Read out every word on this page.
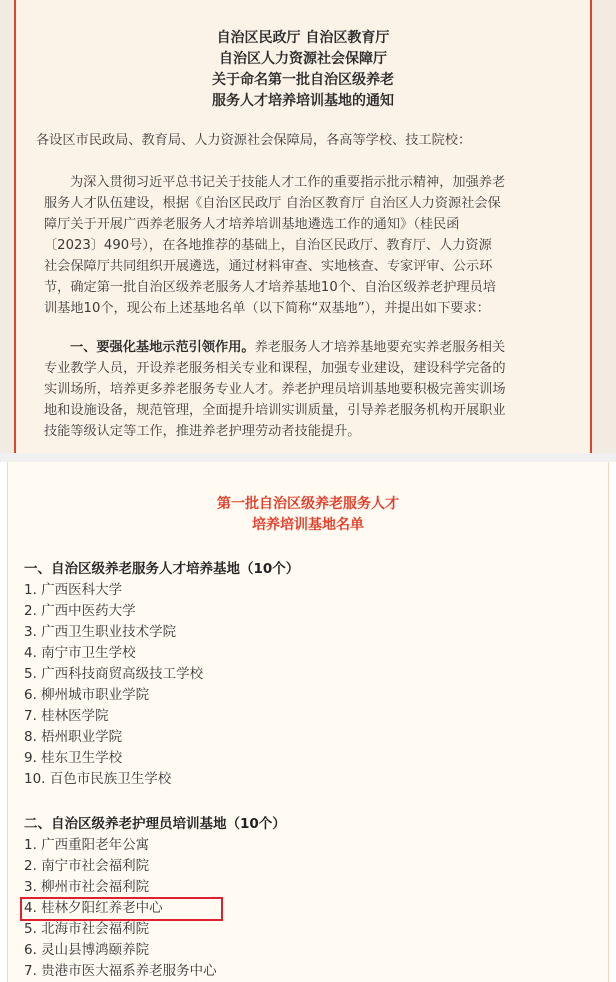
自治区民政厅 自治区教育厅
自治区人力资源社会保障厅
关于命名第一批自治区级养老
服务人才培养培训基地的通知
各设区市民政局、教育局、人力资源社会保障局，各高等学校、技工院校：
为深入贯彻习近平总书记关于技能人才工作的重要指示批示精神，加强养老
服务人才队伍建设，根据《自治区民政厅 自治区教育厅 自治区人力资源社会保
障厅关于开展广西养老服务人才培养培训基地遴选工作的通知》（桂民函
〔2023〕490号），在各地推荐的基础上，自治区民政厅、教育厅、人力资源
社会保障厅共同组织开展遴选，通过材料审查、实地核查、专家评审、公示环
节，确定第一批自治区级养老服务人才培养基地10个、自治区级养老护理员培
训基地10个，现公布上述基地名单（以下简称“双基地”），并提出如下要求：
一、要强化基地示范引领作用。养老服务人才培养基地要充实养老服务相关
专业教学人员，开设养老服务相关专业和课程，加强专业建设，建设科学完备的
实训场所，培养更多养老服务专业人才。养老护理员培训基地要积极完善实训场
地和设施设备，规范管理，全面提升培训实训质量，引导养老服务机构开展职业
技能等级认定等工作，推进养老护理劳动者技能提升。
第一批自治区级养老服务人才
培养培训基地名单
一、自治区级养老服务人才培养基地（10个）
1. 广西医科大学
2. 广西中医药大学
3. 广西卫生职业技术学院
4. 南宁市卫生学校
5. 广西科技商贸高级技工学校
6. 柳州城市职业学院
7. 桂林医学院
8. 梧州职业学院
9. 桂东卫生学校
10. 百色市民族卫生学校
二、自治区级养老护理员培训基地（10个）
1. 广西重阳老年公寓
2. 南宁市社会福利院
3. 柳州市社会福利院
4. 桂林夕阳红养老中心
5. 北海市社会福利院
6. 灵山县博鸿颐养院
7. 贵港市医大福系养老服务中心
